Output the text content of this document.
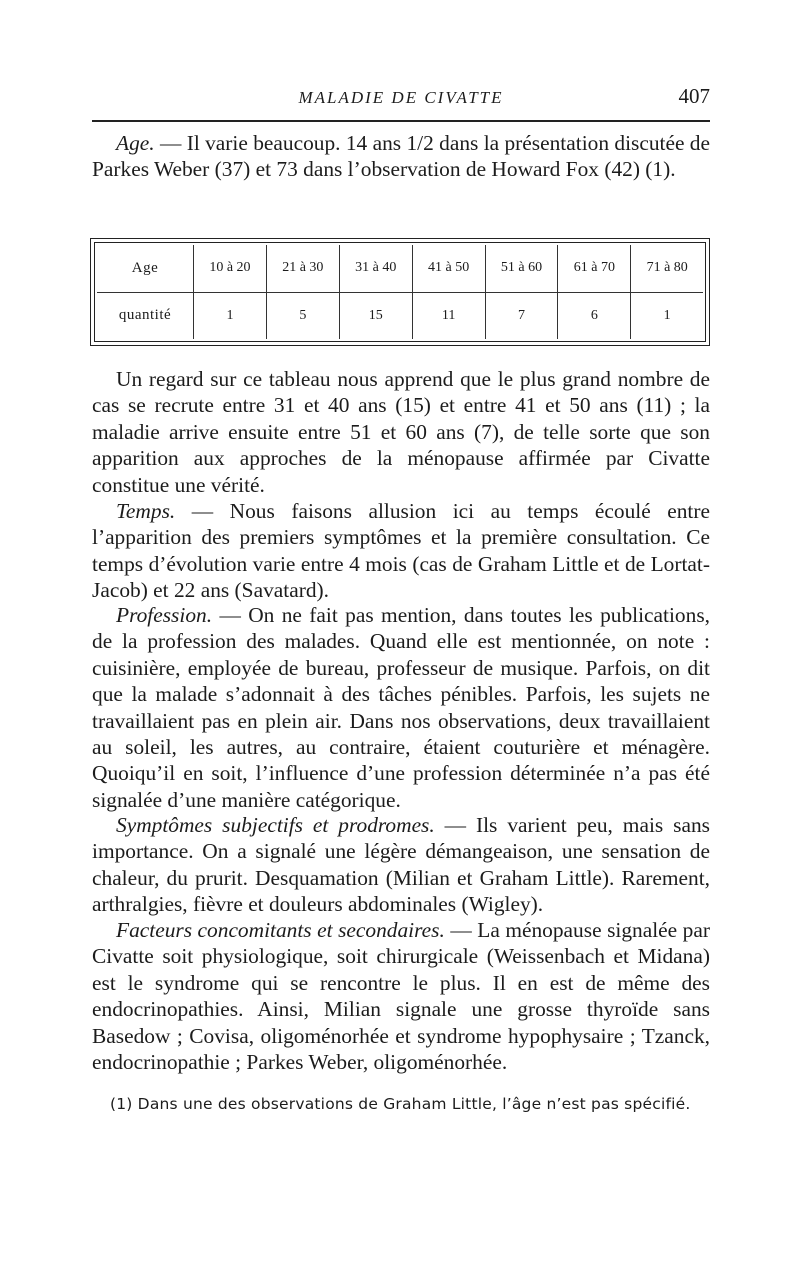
MALADIE DE CIVATTE	407

Age. — Il varie beaucoup. 14 ans 1/2 dans la présentation discutée de Parkes Weber (37) et 73 dans l’observation de Howard Fox (42) (1).

Age	10 à 20	21 à 30	31 à 40	41 à 50	51 à 60	61 à 70	71 à 80
quantité	1	5	15	11	7	6	1

Un regard sur ce tableau nous apprend que le plus grand nombre de cas se recrute entre 31 et 40 ans (15) et entre 41 et 50 ans (11) ; la maladie arrive ensuite entre 51 et 60 ans (7), de telle sorte que son apparition aux approches de la ménopause affirmée par Civatte constitue une vérité.

Temps. — Nous faisons allusion ici au temps écoulé entre l’apparition des premiers symptômes et la première consultation. Ce temps d’évolution varie entre 4 mois (cas de Graham Little et de Lortat-Jacob) et 22 ans (Savatard).

Profession. — On ne fait pas mention, dans toutes les publications, de la profession des malades. Quand elle est mentionnée, on note : cuisinière, employée de bureau, professeur de musique. Parfois, on dit que la malade s’adonnait à des tâches pénibles. Parfois, les sujets ne travaillaient pas en plein air. Dans nos observations, deux travaillaient au soleil, les autres, au contraire, étaient couturière et ménagère. Quoiqu’il en soit, l’influence d’une profession déterminée n’a pas été signalée d’une manière catégorique.

Symptômes subjectifs et prodromes. — Ils varient peu, mais sans importance. On a signalé une légère démangeaison, une sensation de chaleur, du prurit. Desquamation (Milian et Graham Little). Rarement, arthralgies, fièvre et douleurs abdominales (Wigley).

Facteurs concomitants et secondaires. — La ménopause signalée par Civatte soit physiologique, soit chirurgicale (Weissenbach et Midana) est le syndrome qui se rencontre le plus. Il en est de même des endocrinopathies. Ainsi, Milian signale une grosse thyroïde sans Basedow ; Covisa, oligoménorhée et syndrome hypophysaire ; Tzanck, endocrinopathie ; Parkes Weber, oligoménorhée.

(1) Dans une des observations de Graham Little, l’âge n’est pas spécifié.
